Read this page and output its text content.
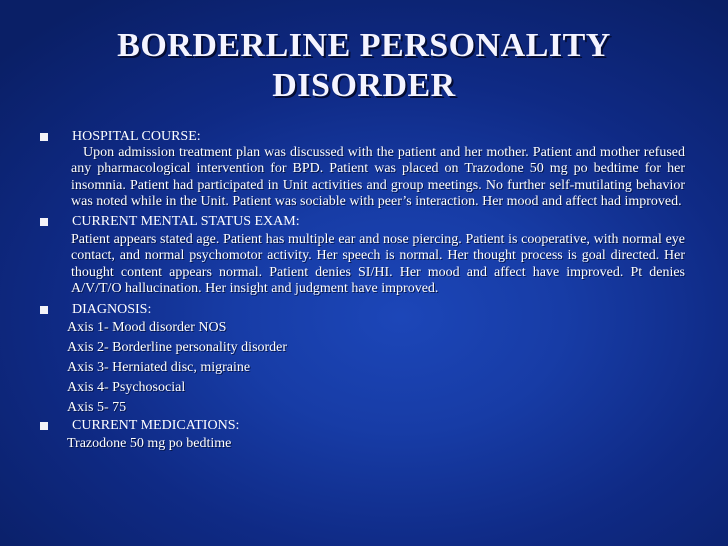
BORDERLINE PERSONALITY
DISORDER
HOSPITAL COURSE:
Upon admission treatment plan was discussed with the patient and her mother. Patient and mother refused any pharmacological intervention for BPD. Patient was placed on Trazodone 50 mg po bedtime for her insomnia. Patient had participated in Unit activities and group meetings. No further self-mutilating behavior was noted while in the Unit. Patient was sociable with peer’s interaction. Her mood and affect had improved.
CURRENT MENTAL STATUS EXAM:
Patient appears stated age. Patient has multiple ear and nose piercing. Patient is cooperative, with normal eye contact, and normal psychomotor activity. Her speech is normal. Her thought process is goal directed. Her thought content appears normal. Patient denies SI/HI. Her mood and affect have improved. Pt denies A/V/T/O hallucination. Her insight and judgment have improved.
DIAGNOSIS:
Axis 1- Mood disorder NOS
Axis 2- Borderline personality disorder
Axis 3- Herniated disc, migraine
Axis 4- Psychosocial
Axis 5- 75
CURRENT MEDICATIONS:
Trazodone 50 mg po bedtime
